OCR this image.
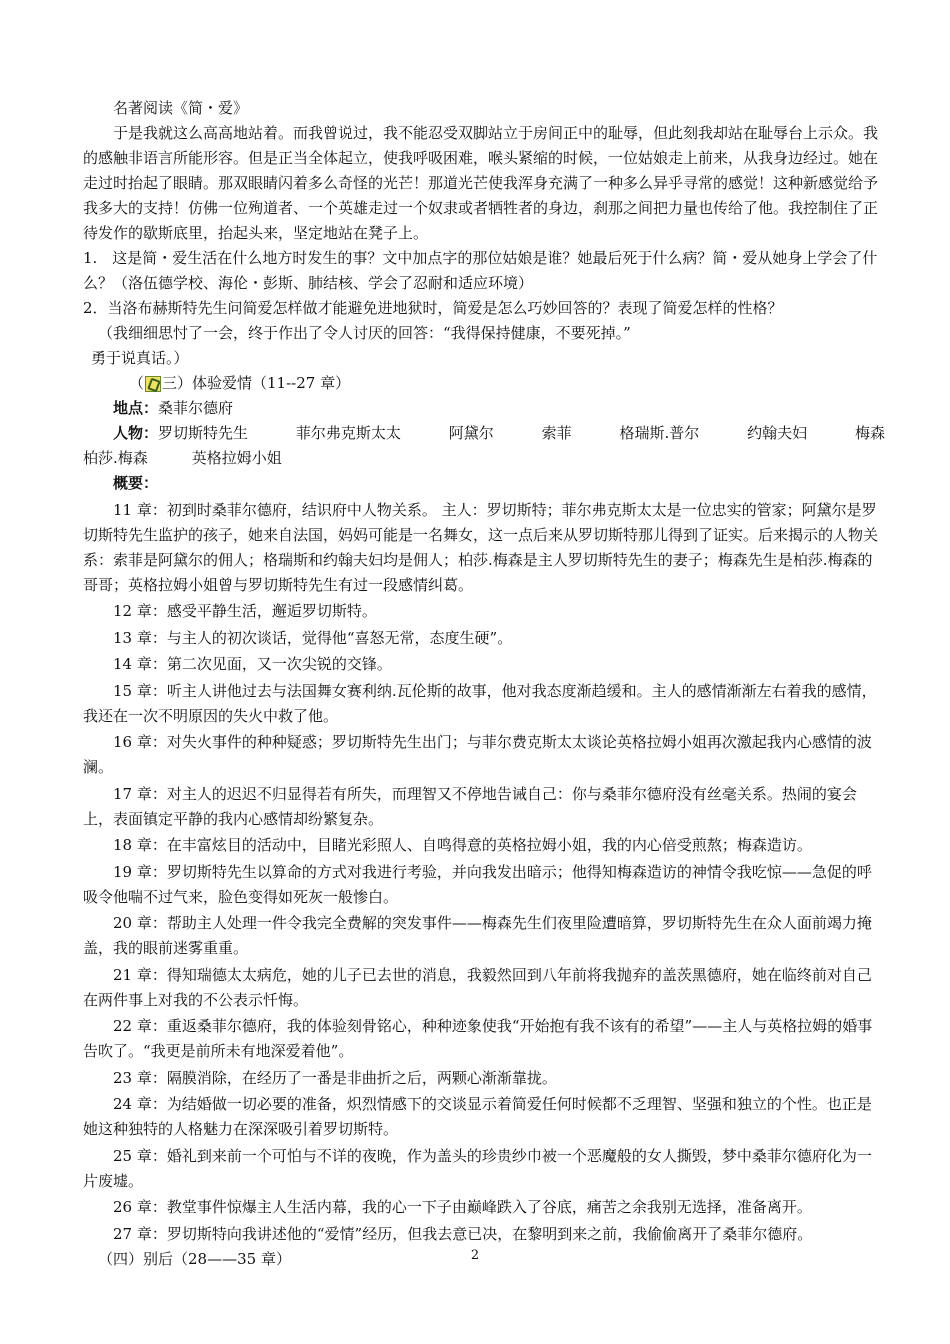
名著阅读《简・爱》

于是我就这么高高地站着。而我曾说过，我不能忍受双脚站立于房间正中的耻辱，但此刻我却站在耻辱台上示众。我的感触非语言所能形容。但是正当全体起立，使我呼吸困难，喉头紧缩的时候，一位姑娘走上前来，从我身边经过。她在走过时抬起了眼睛。那双眼睛闪着多么奇怪的光芒！那道光芒使我浑身充满了一种多么异乎寻常的感觉！这种新感觉给予我多大的支持！仿佛一位殉道者、一个英雄走过一个奴隶或者牺牲者的身边，刹那之间把力量也传给了他。我控制住了正待发作的歇斯底里，抬起头来，坚定地站在凳子上。

1.　这是简・爱生活在什么地方时发生的事？文中加点字的那位姑娘是谁？她最后死于什么病？简・爱从她身上学会了什么？（洛伍德学校、海伦・彭斯、肺结核、学会了忍耐和适应环境）

2．当洛布赫斯特先生问简爱怎样做才能避免进地狱时，简爱是怎么巧妙回答的？表现了简爱怎样的性格？

（我细细思忖了一会，终于作出了令人讨厌的回答：“我得保持健康，不要死掉。”

勇于说真话。）

（ 三）体验爱情（11--27 章）

地点：桑菲尔德府

人物：罗切斯特先生	菲尔弗克斯太太	阿黛尔	索菲	格瑞斯.普尔	约翰夫妇	梅森
柏莎.梅森	英格拉姆小姐

概要：

11 章：初到时桑菲尔德府，结识府中人物关系。 主人：罗切斯特；菲尔弗克斯太太是一位忠实的管家；阿黛尔是罗切斯特先生监护的孩子，她来自法国，妈妈可能是一名舞女，这一点后来从罗切斯特那儿得到了证实。后来揭示的人物关系：索菲是阿黛尔的佣人；格瑞斯和约翰夫妇均是佣人；柏莎.梅森是主人罗切斯特先生的妻子；梅森先生是柏莎.梅森的哥哥；英格拉姆小姐曾与罗切斯特先生有过一段感情纠葛。

12 章：感受平静生活，邂逅罗切斯特。

13 章：与主人的初次谈话，觉得他“喜怒无常，态度生硬”。

14 章：第二次见面，又一次尖锐的交锋。

15 章：听主人讲他过去与法国舞女赛利纳.瓦伦斯的故事，他对我态度渐趋缓和。主人的感情渐渐左右着我的感情，我还在一次不明原因的失火中救了他。

16 章：对失火事件的种种疑惑；罗切斯特先生出门；与菲尔费克斯太太谈论英格拉姆小姐再次激起我内心感情的波澜。

17 章：对主人的迟迟不归显得若有所失，而理智又不停地告诫自己：你与桑菲尔德府没有丝毫关系。热闹的宴会上，表面镇定平静的我内心感情却纷繁复杂。

18 章：在丰富炫目的活动中，目睹光彩照人、自鸣得意的英格拉姆小姐，我的内心倍受煎熬；梅森造访。

19 章：罗切斯特先生以算命的方式对我进行考验，并向我发出暗示；他得知梅森造访的神情令我吃惊——急促的呼吸令他喘不过气来，脸色变得如死灰一般惨白。

20 章：帮助主人处理一件令我完全费解的突发事件——梅森先生们夜里险遭暗算，罗切斯特先生在众人面前竭力掩盖，我的眼前迷雾重重。

21 章：得知瑞德太太病危，她的儿子已去世的消息，我毅然回到八年前将我抛弃的盖茨黑德府，她在临终前对自己在两件事上对我的不公表示忏悔。

22 章：重返桑菲尔德府，我的体验刻骨铭心，种种迹象使我“开始抱有我不该有的希望”——主人与英格拉姆的婚事告吹了。“我更是前所未有地深爱着他”。

23 章：隔膜消除，在经历了一番是非曲折之后，两颗心渐渐靠拢。

24 章：为结婚做一切必要的准备，炽烈情感下的交谈显示着简爱任何时候都不乏理智、坚强和独立的个性。也正是她这种独特的人格魅力在深深吸引着罗切斯特。

25 章：婚礼到来前一个可怕与不详的夜晚，作为盖头的珍贵纱巾被一个恶魔般的女人撕毁，梦中桑菲尔德府化为一片废墟。

26 章：教堂事件惊爆主人生活内幕，我的心一下子由巅峰跌入了谷底，痛苦之余我别无选择，准备离开。

27 章：罗切斯特向我讲述他的“爱情”经历，但我去意已决，在黎明到来之前，我偷偷离开了桑菲尔德府。

（四）别后（28——35 章）	2
